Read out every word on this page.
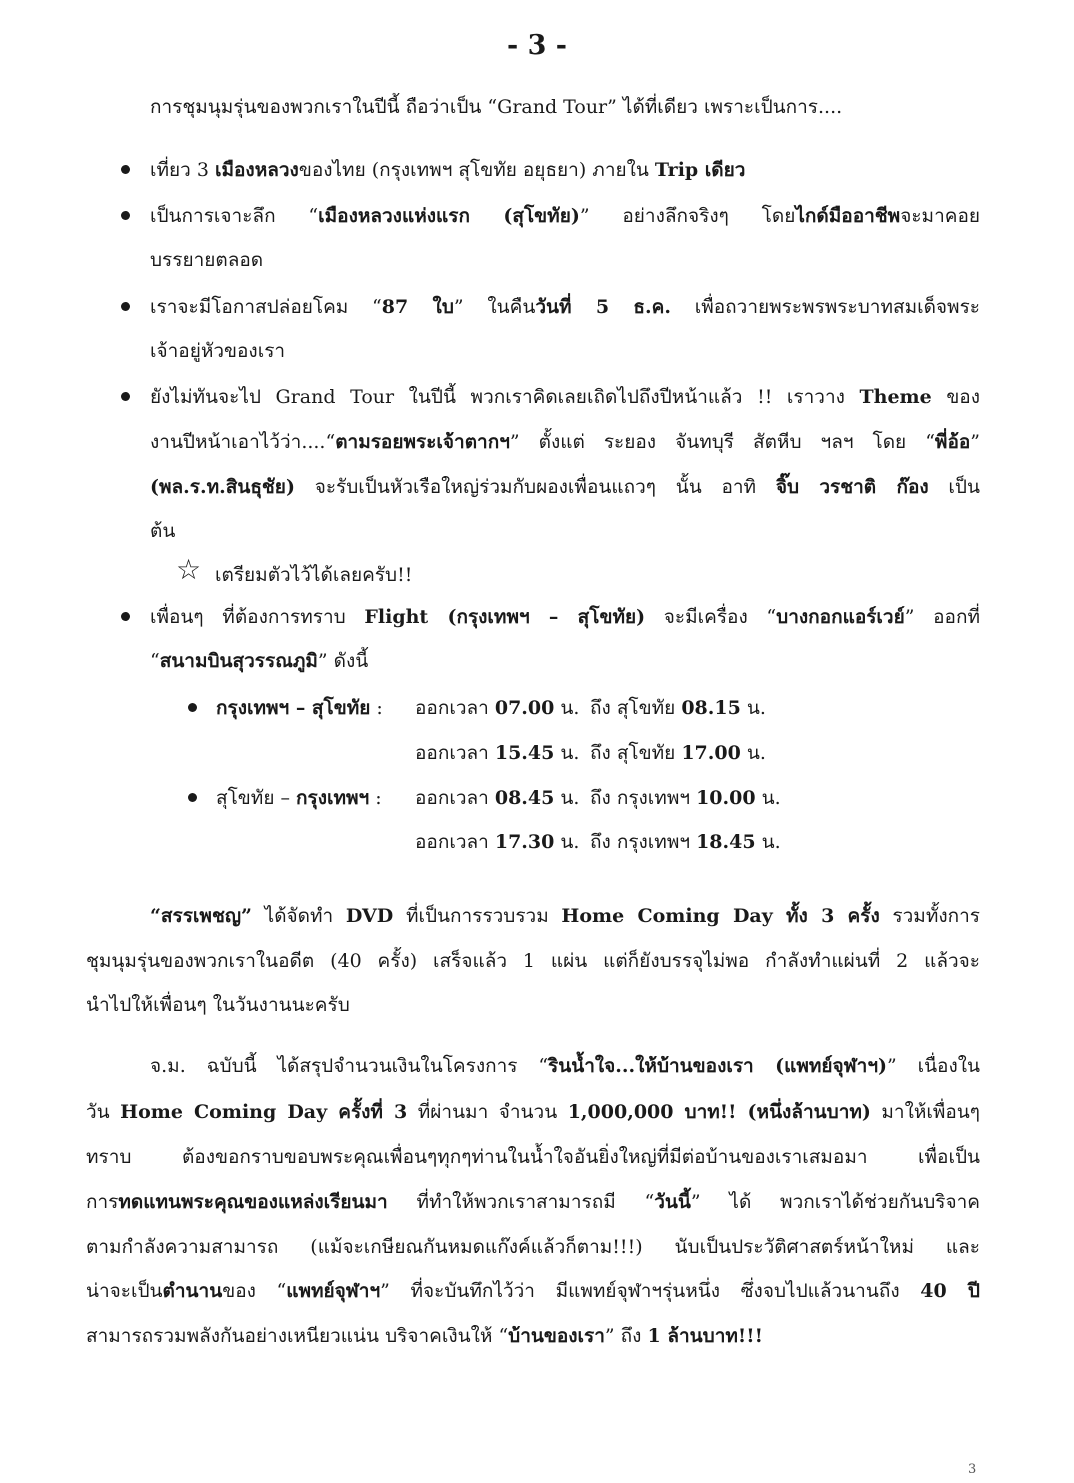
- 3 -
การชุมนุมรุ่นของพวกเราในปีนี้ ถือว่าเป็น “Grand Tour” ได้ที่เดียว เพราะเป็นการ....
เที่ยว 3 เมืองหลวงของไทย (กรุงเทพฯ สุโขทัย อยุธยา) ภายใน Trip เดียว
เป็นการเจาะลึก “เมืองหลวงแห่งแรก (สุโขทัย)” อย่างลึกจริงๆ โดยไกด์มืออาชีพจะมาคอย
บรรยายตลอด
เราจะมีโอกาสปล่อยโคม “87 ใบ” ในคืนวันที่ 5 ธ.ค. เพื่อถวายพระพรพระบาทสมเด็จพระ
เจ้าอยู่หัวของเรา
ยังไม่ทันจะไป Grand Tour ในปีนี้ พวกเราคิดเลยเถิดไปถึงปีหน้าแล้ว !! เราวาง Theme ของ
งานปีหน้าเอาไว้ว่า....“ตามรอยพระเจ้าตากฯ” ตั้งแต่ ระยอง จันทบุรี สัตหีบ ฯลฯ โดย “พี่อ้อ”
(พล.ร.ท.สินธุชัย) จะรับเป็นหัวเรือใหญ่ร่วมกับผองเพื่อนแถวๆ นั้น อาทิ จิ๊บ วรชาติ ก๊อง เป็น
ต้น
☆ เตรียมตัวไว้ได้เลยครับ!!
เพื่อนๆ ที่ต้องการทราบ Flight (กรุงเทพฯ – สุโขทัย) จะมีเครื่อง “บางกอกแอร์เวย์” ออกที่
“สนามบินสุวรรณภูมิ” ดังนี้
กรุงเทพฯ – สุโขทัย : ออกเวลา 07.00 น. ถึง สุโขทัย 08.15 น.
ออกเวลา 15.45 น. ถึง สุโขทัย 17.00 น.
สุโขทัย – กรุงเทพฯ : ออกเวลา 08.45 น. ถึง กรุงเทพฯ 10.00 น.
ออกเวลา 17.30 น. ถึง กรุงเทพฯ 18.45 น.
“สรรเพชญ” ได้จัดทำ DVD ที่เป็นการรวบรวม Home Coming Day ทั้ง 3 ครั้ง รวมทั้งการ
ชุมนุมรุ่นของพวกเราในอดีต (40 ครั้ง) เสร็จแล้ว 1 แผ่น แต่ก็ยังบรรจุไม่พอ กำลังทำแผ่นที่ 2 แล้วจะ
นำไปให้เพื่อนๆ ในวันงานนะครับ
จ.ม. ฉบับนี้ ได้สรุปจำนวนเงินในโครงการ “รินน้ำใจ...ให้บ้านของเรา (แพทย์จุฬาฯ)” เนื่องใน
วัน Home Coming Day ครั้งที่ 3 ที่ผ่านมา จำนวน 1,000,000 บาท!! (หนึ่งล้านบาท) มาให้เพื่อนๆ
ทราบ ต้องขอกราบขอบพระคุณเพื่อนๆทุกๆท่านในน้ำใจอันยิ่งใหญ่ที่มีต่อบ้านของเราเสมอมา เพื่อเป็น
การทดแทนพระคุณของแหล่งเรียนมา ที่ทำให้พวกเราสามารถมี “วันนี้” ได้ พวกเราได้ช่วยกันบริจาค
ตามกำลังความสามารถ (แม้จะเกษียณกันหมดแก๊งค์แล้วก็ตาม!!!) นับเป็นประวัติศาสตร์หน้าใหม่ และ
น่าจะเป็นตำนานของ “แพทย์จุฬาฯ” ที่จะบันทึกไว้ว่า มีแพทย์จุฬาฯรุ่นหนึ่ง ซึ่งจบไปแล้วนานถึง 40 ปี
สามารถรวมพลังกันอย่างเหนียวแน่น บริจาคเงินให้ “บ้านของเรา” ถึง 1 ล้านบาท!!!
3
